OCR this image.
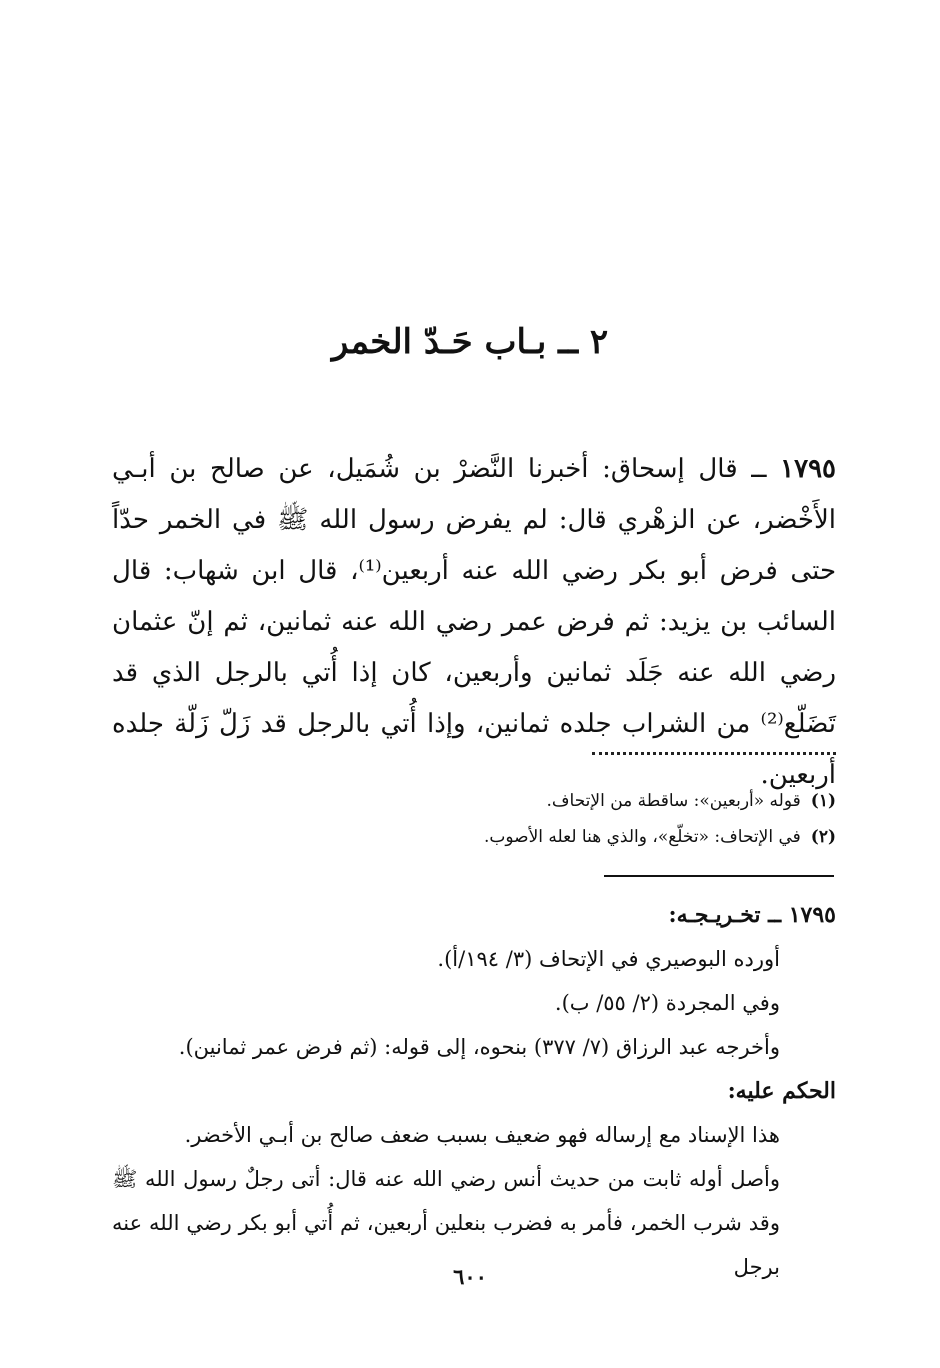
٢ ــ بـاب حَـدّ الخمر

١٧٩٥ ــ قال إسحاق: أخبرنا النَّضرْ بن شُمَيل، عن صالح بن أبـي الأَخْضر، عن الزهْري قال: لم يفرض رسول الله ﷺ في الخمر حدّاً حتى فرض أبو بكر رضي الله عنه أربعين⁽¹⁾، قال ابن شهاب: قال السائب بن يزيد: ثم فرض عمر رضي الله عنه ثمانين، ثم إنّ عثمان رضي الله عنه جَلَد ثمانين وأربعين، كان إذا أُتي بالرجل الذي قد تَضَلّع⁽²⁾ من الشراب جلده ثمانين، وإذا أُتي بالرجل قد زَلّ زَلّة جلده أربعين.

(١)قوله «أربعين»: ساقطة من الإتحاف.

(٢)في الإتحاف: «تخلّع»، والذي هنا لعله الأصوب.

١٧٩٥ ــ تخـريـجـه:

أورده البوصيري في الإتحاف (٣/ ١٩٤/أ).

وفي المجردة (٢/ ٥٥/ ب).

وأخرجه عبد الرزاق (٧/ ٣٧٧) بنحوه، إلى قوله: (ثم فرض عمر ثمانين).

الحكم عليه:

هذا الإسناد مع إرساله فهو ضعيف بسبب ضعف صالح بن أبـي الأخضر.

وأصل أوله ثابت من حديث أنس رضي الله عنه قال: أتى رجلٌ رسول الله ﷺ وقد شرب الخمر، فأمر به فضرب بنعلين أربعين، ثم أُتي أبو بكر رضي الله عنه برجل

٦٠٠
